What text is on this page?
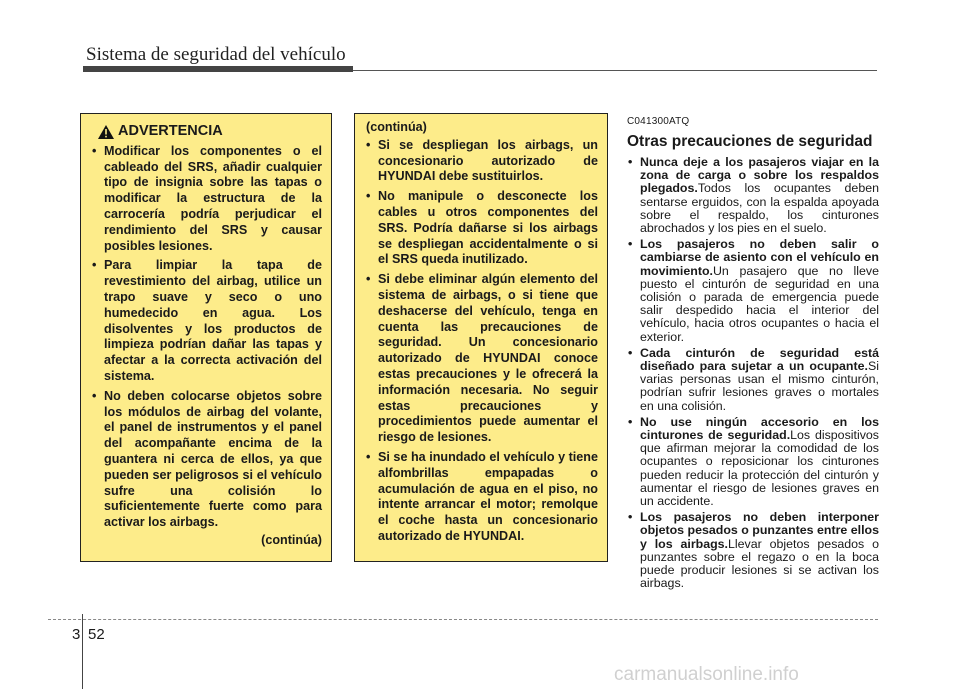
Sistema de seguridad del vehículo
ADVERTENCIA
• Modificar los componentes o el cableado del SRS, añadir cualquier tipo de insignia sobre las tapas o modificar la estructura de la carrocería podría perjudicar el rendimiento del SRS y causar posibles lesiones.
• Para limpiar la tapa de revestimiento del airbag, utilice un trapo suave y seco o uno humedecido en agua. Los disolventes y los productos de limpieza podrían dañar las tapas y afectar a la correcta activación del sistema.
• No deben colocarse objetos sobre los módulos de airbag del volante, el panel de instrumentos y el panel del acompañante encima de la guantera ni cerca de ellos, ya que pueden ser peligrosos si el vehículo sufre una colisión lo suficientemente fuerte como para activar los airbags.
(continúa)
(continúa)
• Si se despliegan los airbags, un concesionario autorizado de HYUNDAI debe sustituirlos.
• No manipule o desconecte los cables u otros componentes del SRS. Podría dañarse si los airbags se despliegan accidentalmente o si el SRS queda inutilizado.
• Si debe eliminar algún elemento del sistema de airbags, o si tiene que deshacerse del vehículo, tenga en cuenta las precauciones de seguridad. Un concesionario autorizado de HYUNDAI conoce estas precauciones y le ofrecerá la información necesaria. No seguir estas precauciones y procedimientos puede aumentar el riesgo de lesiones.
• Si se ha inundado el vehículo y tiene alfombrillas empapadas o acumulación de agua en el piso, no intente arrancar el motor; remolque el coche hasta un concesionario autorizado de HYUNDAI.
C041300ATQ
Otras precauciones de seguridad
• Nunca deje a los pasajeros viajar en la zona de carga o sobre los respaldos plegados.Todos los ocupantes deben sentarse erguidos, con la espalda apoyada sobre el respaldo, los cinturones abrochados y los pies en el suelo.
• Los pasajeros no deben salir o cambiarse de asiento con el vehículo en movimiento.Un pasajero que no lleve puesto el cinturón de seguridad en una colisión o parada de emergencia puede salir despedido hacia el interior del vehículo, hacia otros ocupantes o hacia el exterior.
• Cada cinturón de seguridad está diseñado para sujetar a un ocupante.Si varias personas usan el mismo cinturón, podrían sufrir lesiones graves o mortales en una colisión.
• No use ningún accesorio en los cinturones de seguridad.Los dispositivos que afirman mejorar la comodidad de los ocupantes o reposicionar los cinturones pueden reducir la protección del cinturón y aumentar el riesgo de lesiones graves en un accidente.
• Los pasajeros no deben interponer objetos pesados o punzantes entre ellos y los airbags.Llevar objetos pesados o punzantes sobre el regazo o en la boca puede producir lesiones si se activan los airbags.
3 52
carmanualsonline.info
